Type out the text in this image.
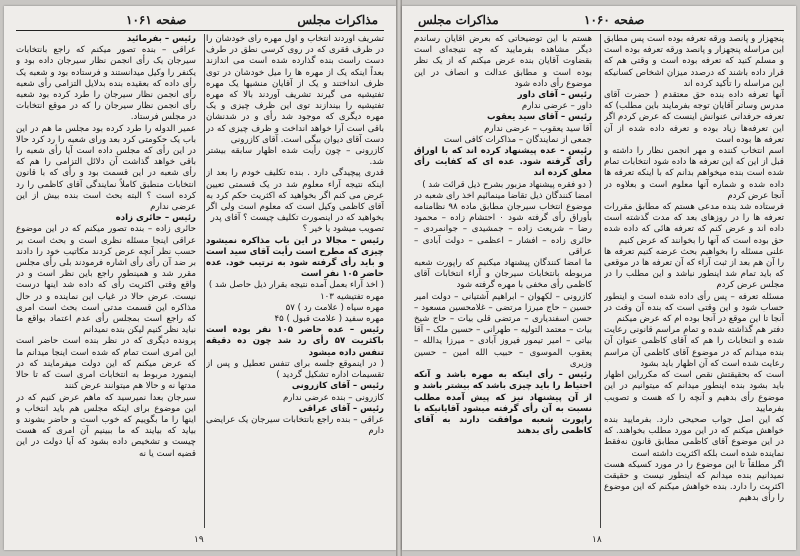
صفحه ۱۰۶۱	مذاکرات مجلس

تشریف آوردند انتخاب و اول مهره رأی خودشان را در ظرف ققری که در روی کرسی نطق در طرف دست راست بنده گذارده شده است می اندازند بعداً اینکه یک از مهره ها را میل خودشان در توی ظرف انداختند و یک از آقایان منشیها یک مهره تفتیشیه می گیرند تشریف آوردند بالا که مهره تفتیشیه را بیندازند توی این ظرف چیزی و یک مهره دیگری که موجود شد رأی و در شدنشان باقی است آرا خواهد انداخت و ظرف چیزی که در دست آقای دیوان بیگی است. آقای کازرونی

کازرونی – چون رأیت شده اظهار سابقه بیشتر شد.

قدری پیچیدگی دارد . بنده تکلیف خودم را بعد از اینکه نتیجه آراء معلوم شد در یک قسمتی تعیین عرض می کنم اگر بخواهید که اکثریت حکم کرد به آقای کاظمی وکیل است که معلوم است ولی اگر بخواهید که در اینصورت تکلیف چیست ؟ آقای پدر

تصویب میشود یا خیر ؟

رئیس – مجالا در این باب مذاکره نمیشود چیزی که مطرح است رأیت آقای سید است و باید رأی گرفته شود به ترتیب خود. عده حاضر ۱۰۵ نفر است

( اخذ آراء بعمل آمده نتیجه بقرار ذیل حاصل شد )

مهره تفتیشیه ۱۰۳

مهره سیاه ( علامت رد ) ۵۷

مهره سفید ( علامت قبول ) ۴۵

رئیس – عده حاضر ۱۰۵ نفر بوده است باکثریت ۵۷ رأی رد شد چون ده دقیقه تنفس داده میشود

( در اینموقع جلسه برای تنفس تعطیل و پس از تقسیمات اداره تشکیل گردید )

رئیس – آقای کازرونی

کازرونی – بنده عرضی ندارم

رئیس – آقای عراقی

عراقی – بنده راجع بانتخابات سیرجان یک عرایضی دارم

رئیس – بفرمائید

عراقی – بنده تصور میکنم که راجع بانتخابات سیرجان یک رأی انجمن نظار سیرجان داده بود و یکنفر را وکیل میدانستند و فرستاده بود و شعبه یک رأی داده که بعقیده بنده بدلایل التزامی رأی شعبه رأی انجمن نظار سیرجان را طرد کرده بود شعبه رأی انجمن نظار سیرجان را که در موقع انتخابات در مجلس فرستاد.

عمیر الدوله را طرد کرده بود مجلس ما هم در این باب یک حکومتی کرد بعد ورای شعبه را رد کرد حالا در این رأی که مجلس داده است آیا رأی شعبه را باقی خواهد گذاشت آن دلائل التزامی را هم که رأی شعبه در این قسمت بود و رأی که با قانون انتخابات منطبق کاملاً نمایندگی آقای کاظمی را رد کرده است ؟ البته بحث است بنده بیش از این عرضی ندارم

رئیس – حائری زاده

حائری زاده – بنده تصور میکنم که در این موضوع عراقی اینجا مسئله نظری است و بحث است بر حسب نظر آنچه عرض کردند مکاتیب خود را دادند بر ضد آن رأی رأی اشاره فرمودند بلی رأی مجلس مقرر شد و همینطور راجع باین نظر است و در واقع وقتی اکثریت رأی که داده شد اینها درست نیست. عرض حالا در غیاب این نماینده و در حال مذاکره این قسمت مدتی است بحث است امری که راجع است بمجلس رأی عدم اعتماد بواقع ما نباید نظر کنیم لیکن بنده نمیدانم

پرونده دیگری که در نظر بنده است حاضر است این امری است تمام که شده است اینجا میدانم ما که عرض میکنم که این دولت میفرمایند که در اینمورد مربوط به انتخابات امری است که تا حالا مدتها نه و حالا هم میتوانند عرض کنند

سیرجان بعدا نمیرسید که ماهم عرض کنیم که در این موضوع برای اینکه مجلس هم باید انتخاب و اینها را ما بگوییم که خوب است و حاضر بشوند و بیاید که بیایند که ما ببینیم آن امری که هست چیست و تشخیص داده بشود که آیا دولت در این قضیه است یا نه

۱۹
مذاکرات مجلس	صفحه ۱۰۶۰

پنجهزار و پانصد ورقه تعرفه بوده است پس مطابق این مراسله پنجهزار و پانصد ورقه تعرفه بوده است و مسلم کنید که تعرفه بوده است و وقتی هم که قرار داده باشند که درصدد میزان اشخاص کسانیکه این مراسله را تأکید کرده اند

آنها تعرفه داده بنده حق معتقدم ( حضرت آقای مدرس وساتر آقایان توجه بفرمایند باین مطلب) که تعرفه حرفدانی عنوانش اینست که عرض کردم اگر این تعرفه‌ها زیاد بوده و تعرفه داده شده از آن تعرفه ها بوده است

اسم انتخاب کننده و مهر انجمن نظار را داشته و قبل از این که این تعرفه ها داده شود انتخابات تمام شده است بنده میخواهم بدانم که با اینکه تعرفه ها داده شده و شماره آنها معلوم است و بعلاوه در آنجا عرض کردم

فرستاده شد بنده مدعی هستم که مطابق مقررات تعرفه ها را در روزهای بعد که مدت گذشته است داده اند و عرض کنم که تعرفه هائی که داده شده حق بوده است که آنها را بخوانند که عرض کنیم

علنی مسئله را بخواهیم بحث عرضه کنیم تعرفه ها را آن هم بعد از ثبت آراء که آن تعرفه ها در موقعی که باید تمام شد اینطور نباشد و این مطلب را در مجلس عرض کردم

مسئله تعرفه – پس رأی داده شده است و اینطور حساب شود و این وقتی است که بنده آن وقت در آنجا تا این موقع در آنجا بوده ام که عرض میکنم

دفتر هم گذاشته شده و تمام مراسم قانونی رعایت شده و انتخابات را هم که آقای کاظمی عنوان آن بنده میدانم که در موضوع آقای کاظمی آن مراسم رعایت شده است که آن اظهار باید بشود

است که بحقیقتش نقص است که مکرراین اظهار باید بشود بنده اینطور میدانم که میتوانیم در این موضوع رأی بدهیم و آنچه را که هست و تصویب بفرمایید

که این اصل جواب صحیحی دارد. بفرمایید بنده خواهش میکنم که در این مورد مطلب بخواهند. که در این موضوع آقای کاظمی مطابق قانون نه‌فقط نماینده شده است بلکه اکثریت داشته است

اگر مطلقاً تا این موضوع را در مورد کسیکه هست نمیدانیم بنده میدانم که اینطور نیست و حقیقت اکثریت را دارد. بنده خواهش میکنم که این موضوع را رأی بدهیم

هستم با این توضیحاتی که بعرض آقایان رساندم دیگر مشاهده بفرمایید که چه نتیجه‌ای است بقضاوت آقایان بنده عرض میکنم که از یک نظر بوده است و مطابق عدالت و انصاف در این موضوع رأی داده شود

رئیس – آقای داور

داور – عرضی ندارم

رئیس – آقای سید یعقوب

آقا سید یعقوب – عرضی ندارم

جمعی از نمایندگان – مذاکرات کافی است

رئیس – عده پیشنهاد کرده اند که با اوراق رأی گرفته شود. عده ای که کفایت رأی معلق کرده اند

( دو فقره پیشنهاد مزبور بشرح ذیل قرائت شد )

امضا کنندگان ذیل تقاضا مینمائیم اخذ رای شعبه در موضوع انتخاب سیرجان مطابق ماده ۹۸ نظامنامه بأوراق رأی گرفته شود ۰ احتشام زاده – محمود رضا – شریعت زاده – جمشیدی – جوانمردی – حائری زاده – افشار – اعظمی – دولت آبادی – عراقی

ما امضا کنندگان پیشنهاد میکنیم که راپورت شعبه مربوطه بانتخابات سیرجان و آراء انتخابات آقای کاظمی رأی مخفی با مهره گرفته شود

کازرونی – لکهوان – ابراهیم آشتیانی – دولت امیر حسین – حاج میرزا مرتضی – غلامحسین مسعود – حسن اسفندیاری – مرتضی قلی بیات – حاج شیخ بیات – معتمد التولیه – طهرانی – حسین ملک – آقا بیاتی – امیر تیمور فیروز آبادی – میرزا یدالله – یعقوب الموسوی – حبیب الله امین – حسین وزیری

رئیس – رأی اینکه به مهره باشد و آنکه احتیاط را باید چیزی باشد که بیشتر باشد و از آن پیشنهاد نیز که پیش آمده مطلب نسبت به آن رأی گرفته میشود آقایانیکه با راپورت شعبه موافقت دارند به آقای کاظمی رأی بدهند

۱۸
